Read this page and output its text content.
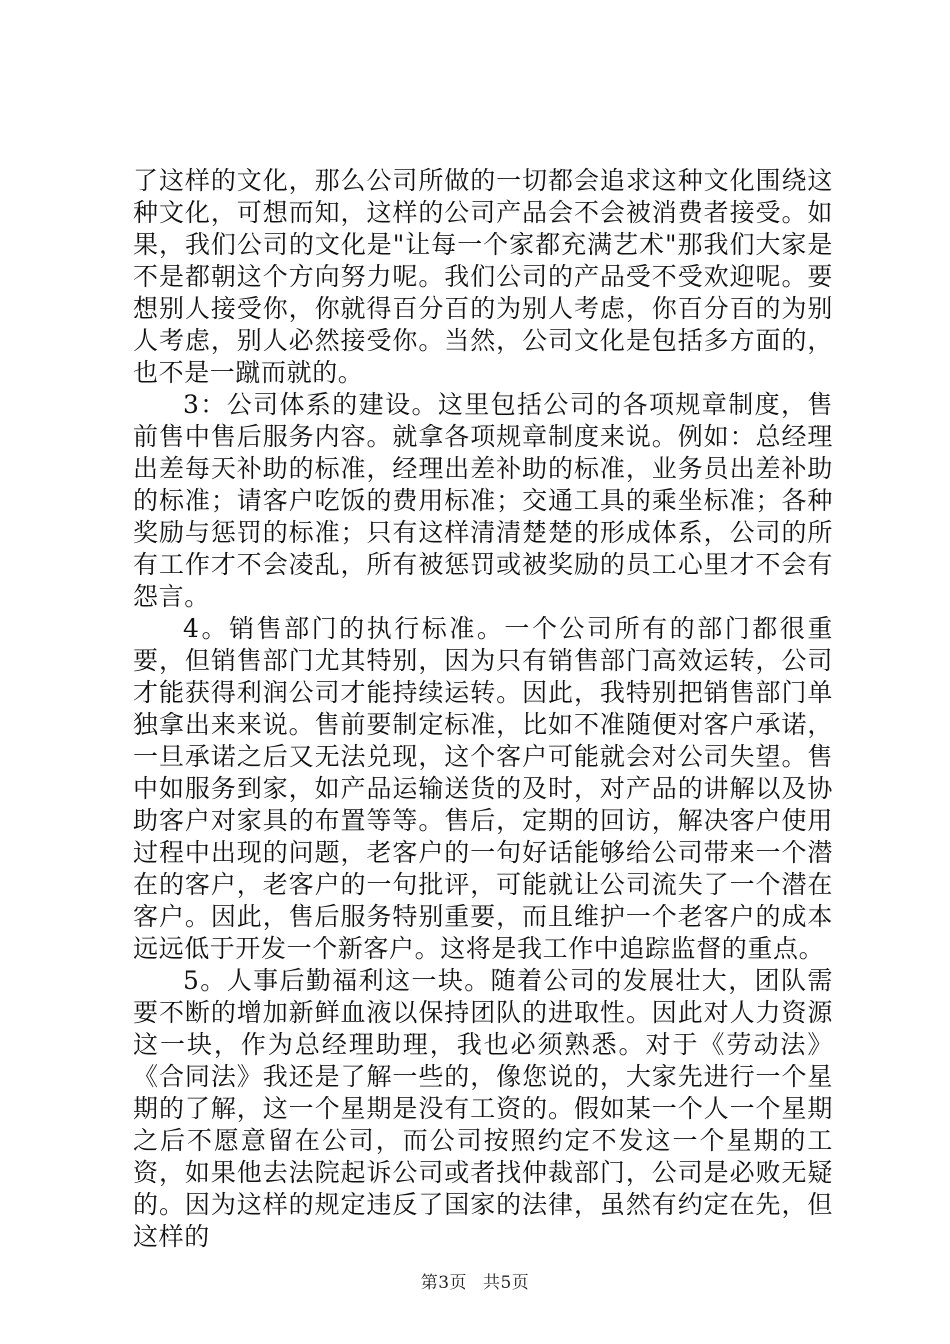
了这样的文化，那么公司所做的一切都会追求这种文化围绕这种文化，可想而知，这样的公司产品会不会被消费者接受。如果，我们公司的文化是"让每一个家都充满艺术"那我们大家是不是都朝这个方向努力呢。我们公司的产品受不受欢迎呢。要想别人接受你，你就得百分百的为别人考虑，你百分百的为别人考虑，别人必然接受你。当然，公司文化是包括多方面的，也不是一蹴而就的。

3：公司体系的建设。这里包括公司的各项规章制度，售前售中售后服务内容。就拿各项规章制度来说。例如：总经理出差每天补助的标准，经理出差补助的标准，业务员出差补助的标准；请客户吃饭的费用标准；交通工具的乘坐标准；各种奖励与惩罚的标准；只有这样清清楚楚的形成体系，公司的所有工作才不会凌乱，所有被惩罚或被奖励的员工心里才不会有怨言。

4。销售部门的执行标准。一个公司所有的部门都很重要，但销售部门尤其特别，因为只有销售部门高效运转，公司才能获得利润公司才能持续运转。因此，我特别把销售部门单独拿出来来说。售前要制定标准，比如不准随便对客户承诺，一旦承诺之后又无法兑现，这个客户可能就会对公司失望。售中如服务到家，如产品运输送货的及时，对产品的讲解以及协助客户对家具的布置等等。售后，定期的回访，解决客户使用过程中出现的问题，老客户的一句好话能够给公司带来一个潜在的客户，老客户的一句批评，可能就让公司流失了一个潜在客户。因此，售后服务特别重要，而且维护一个老客户的成本远远低于开发一个新客户。这将是我工作中追踪监督的重点。

5。人事后勤福利这一块。随着公司的发展壮大，团队需要不断的增加新鲜血液以保持团队的进取性。因此对人力资源这一块，作为总经理助理，我也必须熟悉。对于《劳动法》《合同法》我还是了解一些的，像您说的，大家先进行一个星期的了解，这一个星期是没有工资的。假如某一个人一个星期之后不愿意留在公司，而公司按照约定不发这一个星期的工资，如果他去法院起诉公司或者找仲裁部门，公司是必败无疑的。因为这样的规定违反了国家的法律，虽然有约定在先，但这样的

第3页 共5页
